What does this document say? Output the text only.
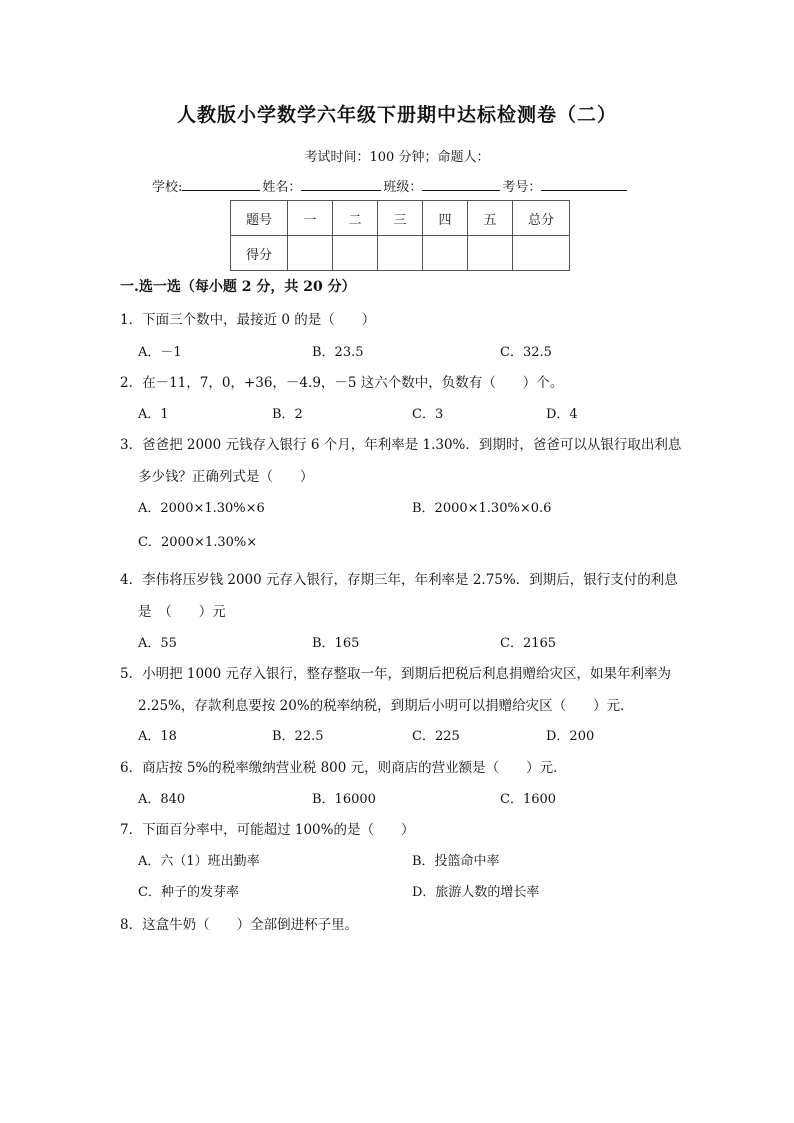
人教版小学数学六年级下册期中达标检测卷（二）
考试时间：100 分钟；命题人：
学校:	姓名：	班级：	考号：
题号	一	二	三	四	五	总分
得分						
一.选一选（每小题 2 分，共 20 分）
1．下面三个数中，最接近 0 的是（　　）
A．－1	B．23.5	C．32.5
2．在－11，7，0，+36，－4.9，－5 这六个数中，负数有（　　）个。
A．1	B．2	C．3	D．4
3．爸爸把 2000 元钱存入银行 6 个月，年利率是 1.30%．到期时，爸爸可以从银行取出利息
多少钱？正确列式是（　　）
A．2000×1.30%×6	B．2000×1.30%×0.6
C．2000×1.30%×
4．李伟将压岁钱 2000 元存入银行，存期三年，年利率是 2.75%．到期后，银行支付的利息
是　（　　）元
A．55	B．165	C．2165
5．小明把 1000 元存入银行，整存整取一年，到期后把税后利息捐赠给灾区，如果年利率为
2.25%，存款利息要按 20%的税率纳税，到期后小明可以捐赠给灾区（　　）元．
A．18	B．22.5	C．225	D．200
6．商店按 5%的税率缴纳营业税 800 元，则商店的营业额是（　　）元．
A．840	B．16000	C．1600
7．下面百分率中，可能超过 100%的是（　　）
A．六（1）班出勤率	B．投篮命中率
C．种子的发芽率	D．旅游人数的增长率
8．这盒牛奶（　　）全部倒进杯子里。
